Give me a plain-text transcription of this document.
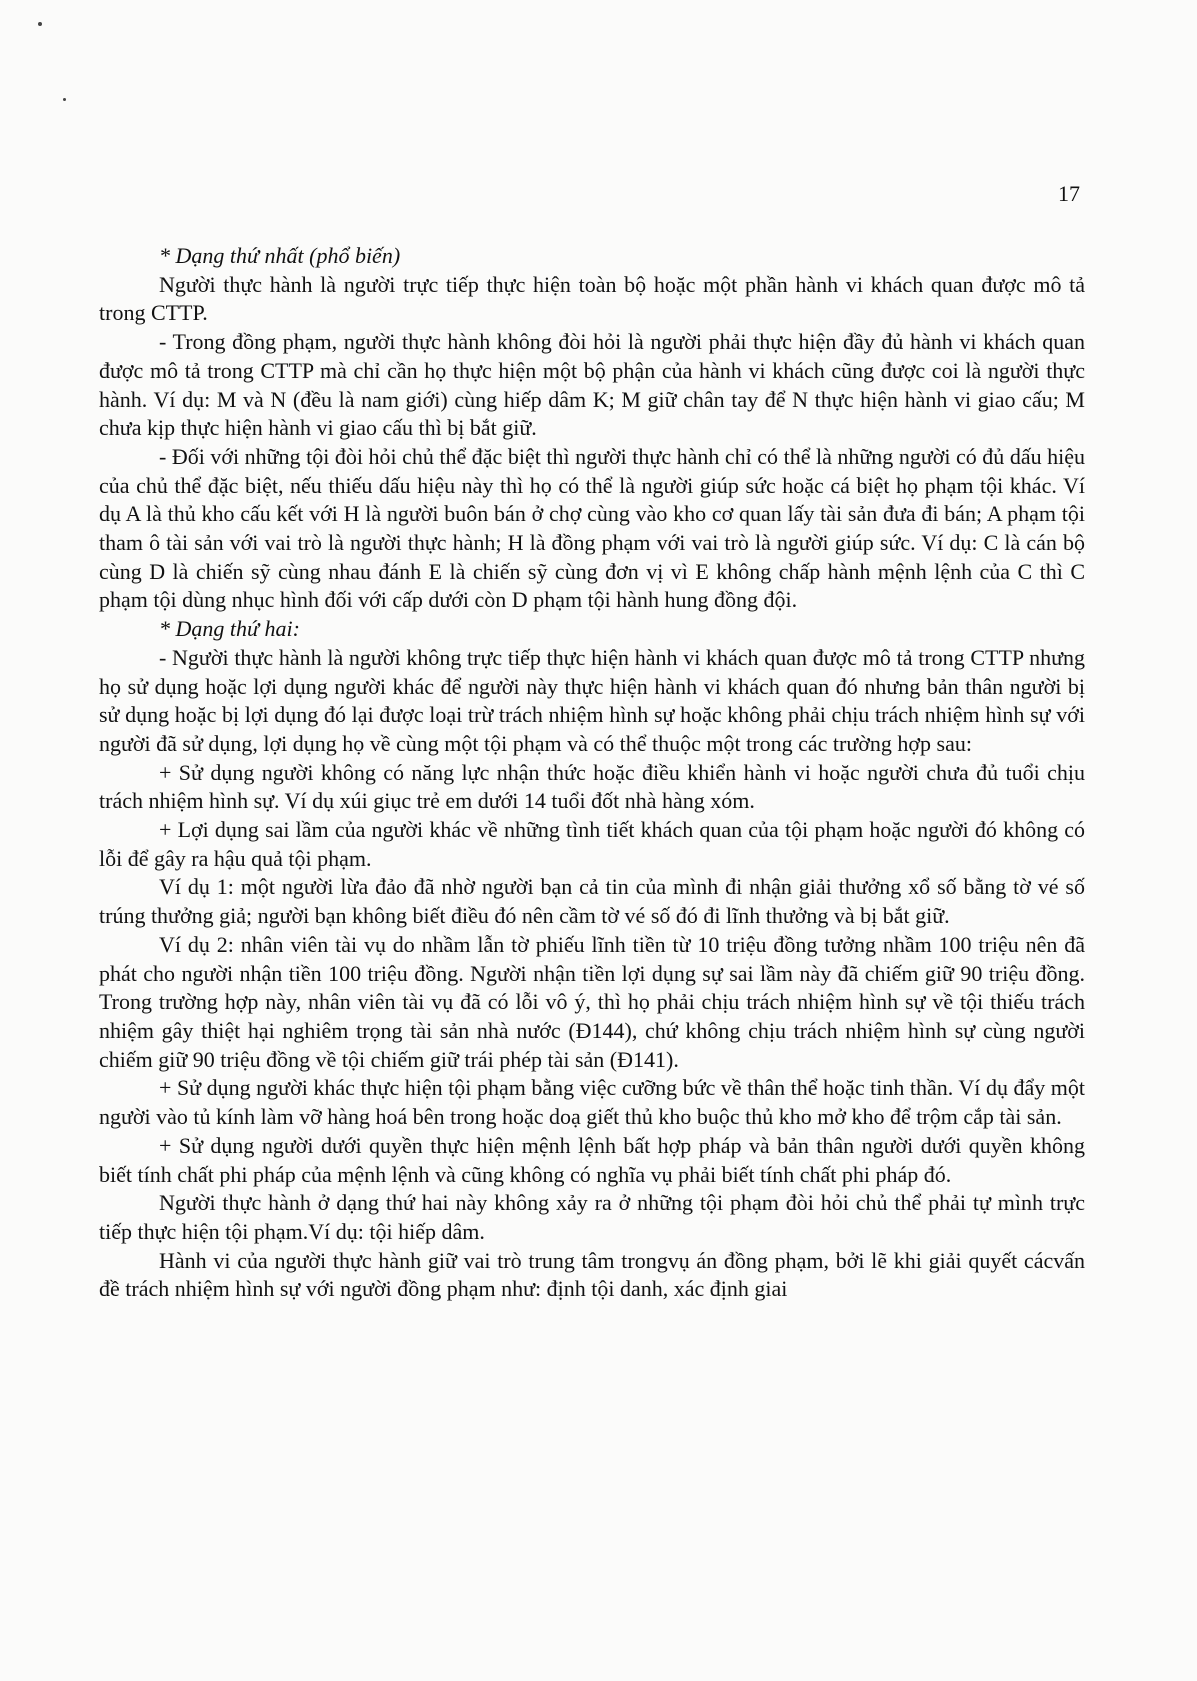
17

* Dạng thứ nhất (phổ biến)

Người thực hành là người trực tiếp thực hiện toàn bộ hoặc một phần hành vi khách quan được mô tả trong CTTP.

- Trong đồng phạm, người thực hành không đòi hỏi là người phải thực hiện đầy đủ hành vi khách quan được mô tả trong CTTP mà chỉ cần họ thực hiện một bộ phận của hành vi khách cũng được coi là người thực hành. Ví dụ: M và N (đều là nam giới) cùng hiếp dâm K; M giữ chân tay để N thực hiện hành vi giao cấu; M chưa kịp thực hiện hành vi giao cấu thì bị bắt giữ.

- Đối với những tội đòi hỏi chủ thể đặc biệt thì người thực hành chỉ có thể là những người có đủ dấu hiệu của chủ thể đặc biệt, nếu thiếu dấu hiệu này thì họ có thể là người giúp sức hoặc cá biệt họ phạm tội khác. Ví dụ A là thủ kho cấu kết với H là người buôn bán ở chợ cùng vào kho cơ quan lấy tài sản đưa đi bán; A phạm tội tham ô tài sản với vai trò là người thực hành; H là đồng phạm với vai trò là người giúp sức. Ví dụ: C là cán bộ cùng D là chiến sỹ cùng nhau đánh E là chiến sỹ cùng đơn vị vì E không chấp hành mệnh lệnh của C thì C phạm tội dùng nhục hình đối với cấp dưới còn D phạm tội hành hung đồng đội.

* Dạng thứ hai:

- Người thực hành là người không trực tiếp thực hiện hành vi khách quan được mô tả trong CTTP nhưng họ sử dụng hoặc lợi dụng người khác để người này thực hiện hành vi khách quan đó nhưng bản thân người bị sử dụng hoặc bị lợi dụng đó lại được loại trừ trách nhiệm hình sự hoặc không phải chịu trách nhiệm hình sự với người đã sử dụng, lợi dụng họ về cùng một tội phạm và có thể thuộc một trong các trường hợp sau:

+ Sử dụng người không có năng lực nhận thức hoặc điều khiển hành vi hoặc người chưa đủ tuổi chịu trách nhiệm hình sự. Ví dụ xúi giục trẻ em dưới 14 tuổi đốt nhà hàng xóm.

+ Lợi dụng sai lầm của người khác về những tình tiết khách quan của tội phạm hoặc người đó không có lỗi để gây ra hậu quả tội phạm.

Ví dụ 1: một người lừa đảo đã nhờ người bạn cả tin của mình đi nhận giải thưởng xổ số bằng tờ vé số trúng thưởng giả; người bạn không biết điều đó nên cầm tờ vé số đó đi lĩnh thưởng và bị bắt giữ.

Ví dụ 2: nhân viên tài vụ do nhầm lẫn tờ phiếu lĩnh tiền từ 10 triệu đồng tưởng nhầm 100 triệu nên đã phát cho người nhận tiền 100 triệu đồng. Người nhận tiền lợi dụng sự sai lầm này đã chiếm giữ 90 triệu đồng. Trong trường hợp này, nhân viên tài vụ đã có lỗi vô ý, thì họ phải chịu trách nhiệm hình sự về tội thiếu trách nhiệm gây thiệt hại nghiêm trọng tài sản nhà nước (Đ144), chứ không chịu trách nhiệm hình sự cùng người chiếm giữ 90 triệu đồng về tội chiếm giữ trái phép tài sản (Đ141).

+ Sử dụng người khác thực hiện tội phạm bằng việc cưỡng bức về thân thể hoặc tinh thần. Ví dụ đẩy một người vào tủ kính làm vỡ hàng hoá bên trong hoặc doạ giết thủ kho buộc thủ kho mở kho để trộm cắp tài sản.

+ Sử dụng người dưới quyền thực hiện mệnh lệnh bất hợp pháp và bản thân người dưới quyền không biết tính chất phi pháp của mệnh lệnh và cũng không có nghĩa vụ phải biết tính chất phi pháp đó.

Người thực hành ở dạng thứ hai này không xảy ra ở những tội phạm đòi hỏi chủ thể phải tự mình trực tiếp thực hiện tội phạm.Ví dụ: tội hiếp dâm.

Hành vi của người thực hành giữ vai trò trung tâm trongvụ án đồng phạm, bởi lẽ khi giải quyết cácvấn đề trách nhiệm hình sự với người đồng phạm như: định tội danh, xác định giai
